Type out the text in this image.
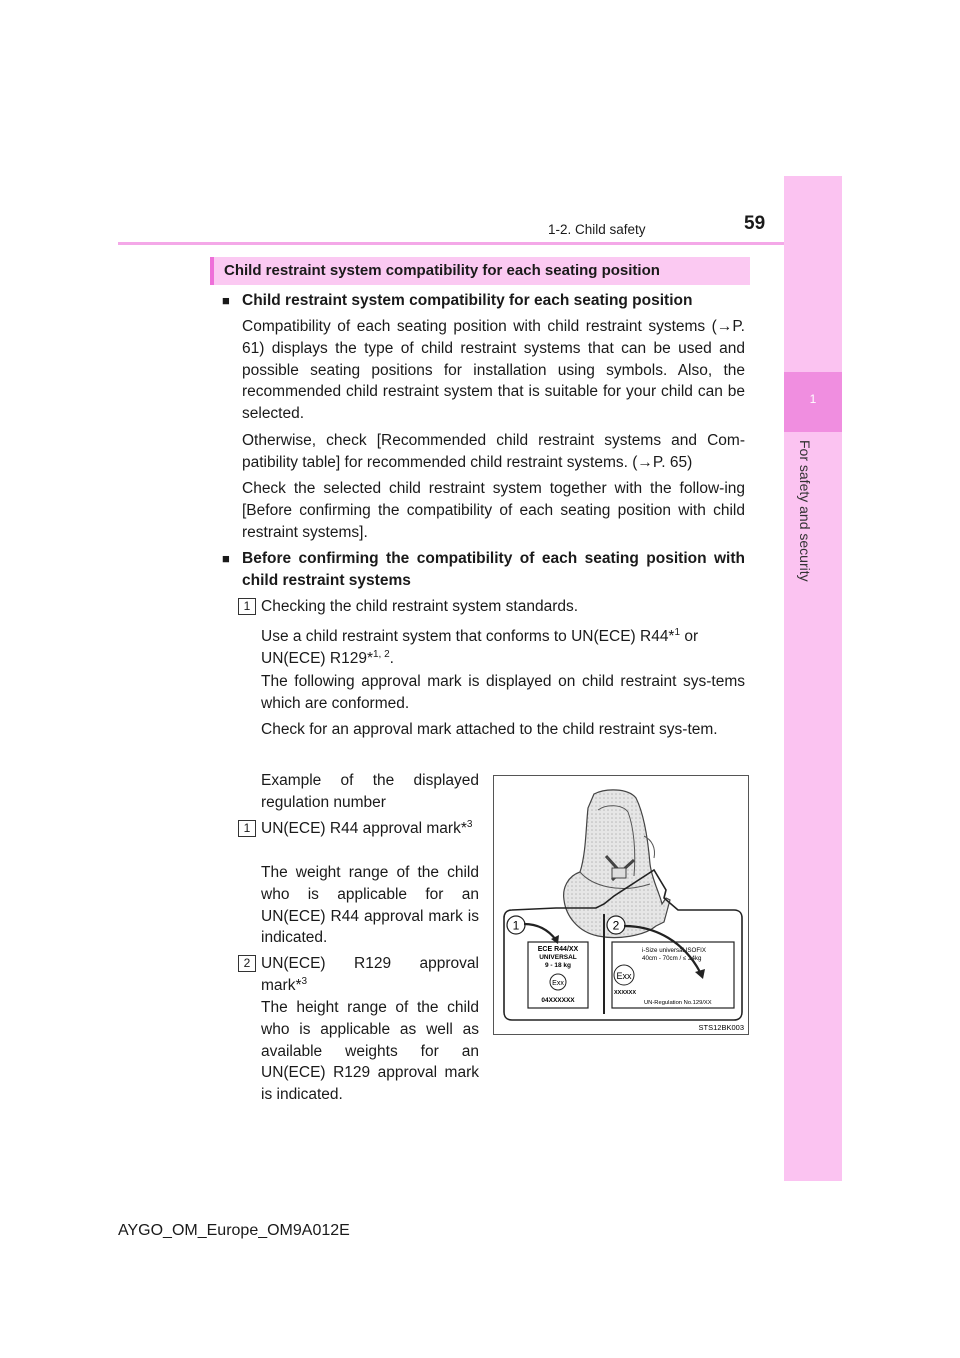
1
For safety and security
1-2. Child safety	59
Child restraint system compatibility for each seating position
■ Child restraint system compatibility for each seating position
Compatibility of each seating position with child restraint systems (→P. 61) displays the type of child restraint systems that can be used and possible seating positions for installation using symbols. Also, the recommended child restraint system that is suitable for your child can be selected.
Otherwise, check [Recommended child restraint systems and Com-patibility table] for recommended child restraint systems. (→P. 65)
Check the selected child restraint system together with the follow-ing [Before confirming the compatibility of each seating position with child restraint systems].
■ Before confirming the compatibility of each seating position with child restraint systems
1 Checking the child restraint system standards.
Use a child restraint system that conforms to UN(ECE) R44*$^1$ or
UN(ECE) R129*$^{1, 2}$.
The following approval mark is displayed on child restraint sys-tems which are conformed.
Check for an approval mark attached to the child restraint sys-tem.
Example of the displayed regulation number
1 UN(ECE) R44 approval mark*$^3$
The weight range of the child who is applicable for an UN(ECE) R44 approval mark is indicated.
2 UN(ECE) R129 approval mark*$^3$
The height range of the child who is applicable as well as available weights for an UN(ECE) R129 approval mark is indicated.
1	2
ECE R44/XX
UNIVERSAL
9 - 18 kg
Exx
04XXXXXX
i-Size universal ISOFIX
40cm - 70cm / ≤ 24kg
Exx
XXXXXX
UN-Regulation No.129/XX
STS12BK003
AYGO_OM_Europe_OM9A012E
